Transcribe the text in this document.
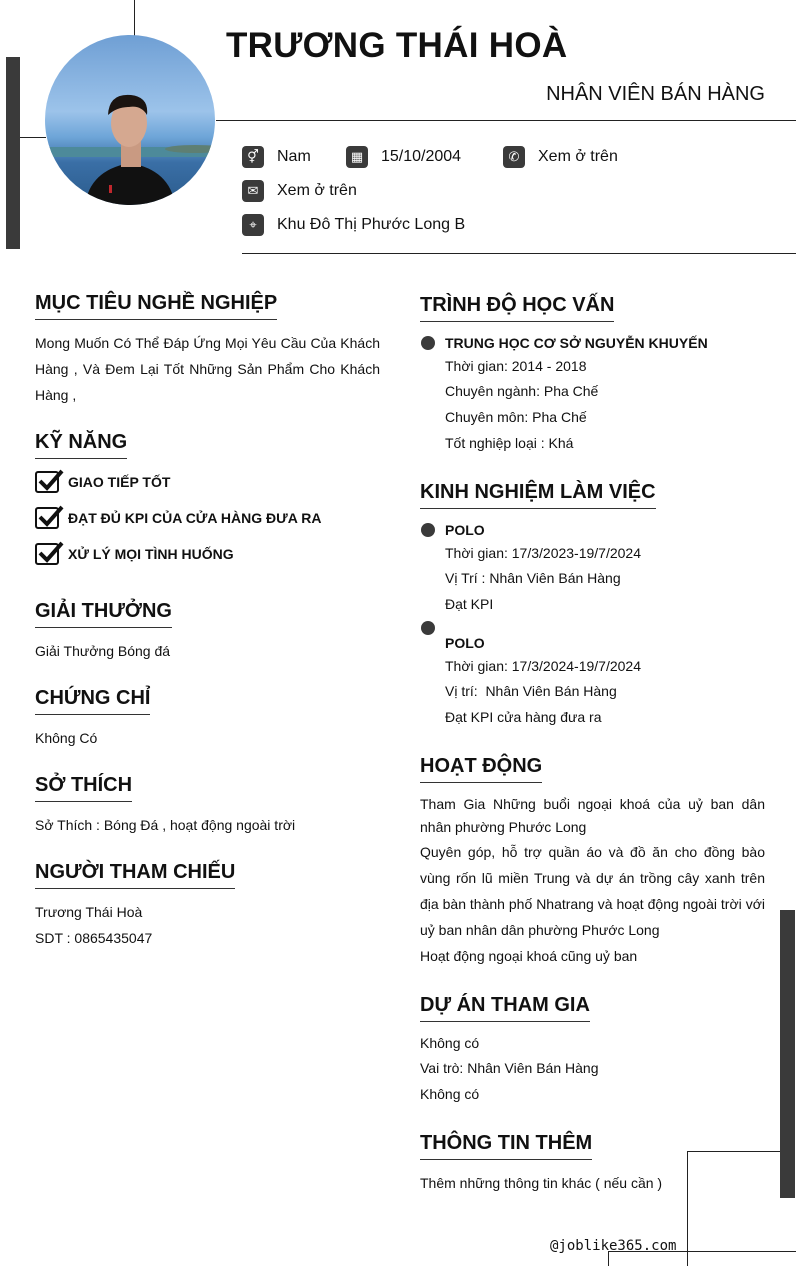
TRƯƠNG THÁI HOÀ
NHÂN VIÊN BÁN HÀNG
⚥	Nam	▦	15/10/2004	✆	Xem ở trên
✉	Xem ở trên
⌖	Khu Đô Thị Phước Long B
MỤC TIÊU NGHỀ NGHIỆP
Mong Muốn Có Thể Đáp Ứng Mọi Yêu Cầu Của Khách Hàng , Và Đem Lại Tốt Những Sản Phẩm Cho Khách Hàng ,
KỸ NĂNG
GIAO TIẾP TỐT
ĐẠT ĐỦ KPI CỦA CỬA HÀNG ĐƯA RA
XỬ LÝ MỌI TÌNH HUỐNG
GIẢI THƯỞNG
Giải Thưởng Bóng đá
CHỨNG CHỈ
Không Có
SỞ THÍCH
Sở Thích : Bóng Đá , hoạt động ngoài trời
NGƯỜI THAM CHIẾU
Trương Thái Hoà
SDT : 0865435047
TRÌNH ĐỘ HỌC VẤN
TRUNG HỌC CƠ SỞ NGUYỄN KHUYẾN
Thời gian: 2014 - 2018
Chuyên ngành: Pha Chế
Chuyên môn: Pha Chế
Tốt nghiệp loại : Khá
KINH NGHIỆM LÀM VIỆC
POLO
Thời gian: 17/3/2023-19/7/2024
Vị Trí : Nhân Viên Bán Hàng
Đạt KPI
POLO
Thời gian: 17/3/2024-19/7/2024
Vị trí:  Nhân Viên Bán Hàng
Đạt KPI cửa hàng đưa ra
HOẠT ĐỘNG
Tham Gia Những buổi ngoại khoá của uỷ ban dân nhân phường Phước Long
Quyên góp, hỗ trợ quần áo và đồ ăn cho đồng bào vùng rốn lũ miền Trung và dự án trồng cây xanh trên địa bàn thành phố Nhatrang và hoạt động ngoài trời với uỷ ban nhân dân phường Phước Long
Hoạt động ngoại khoá cũng uỷ ban
DỰ ÁN THAM GIA
Không có
Vai trò: Nhân Viên Bán Hàng
Không có
THÔNG TIN THÊM
Thêm những thông tin khác ( nếu cần )
@joblike365.com
